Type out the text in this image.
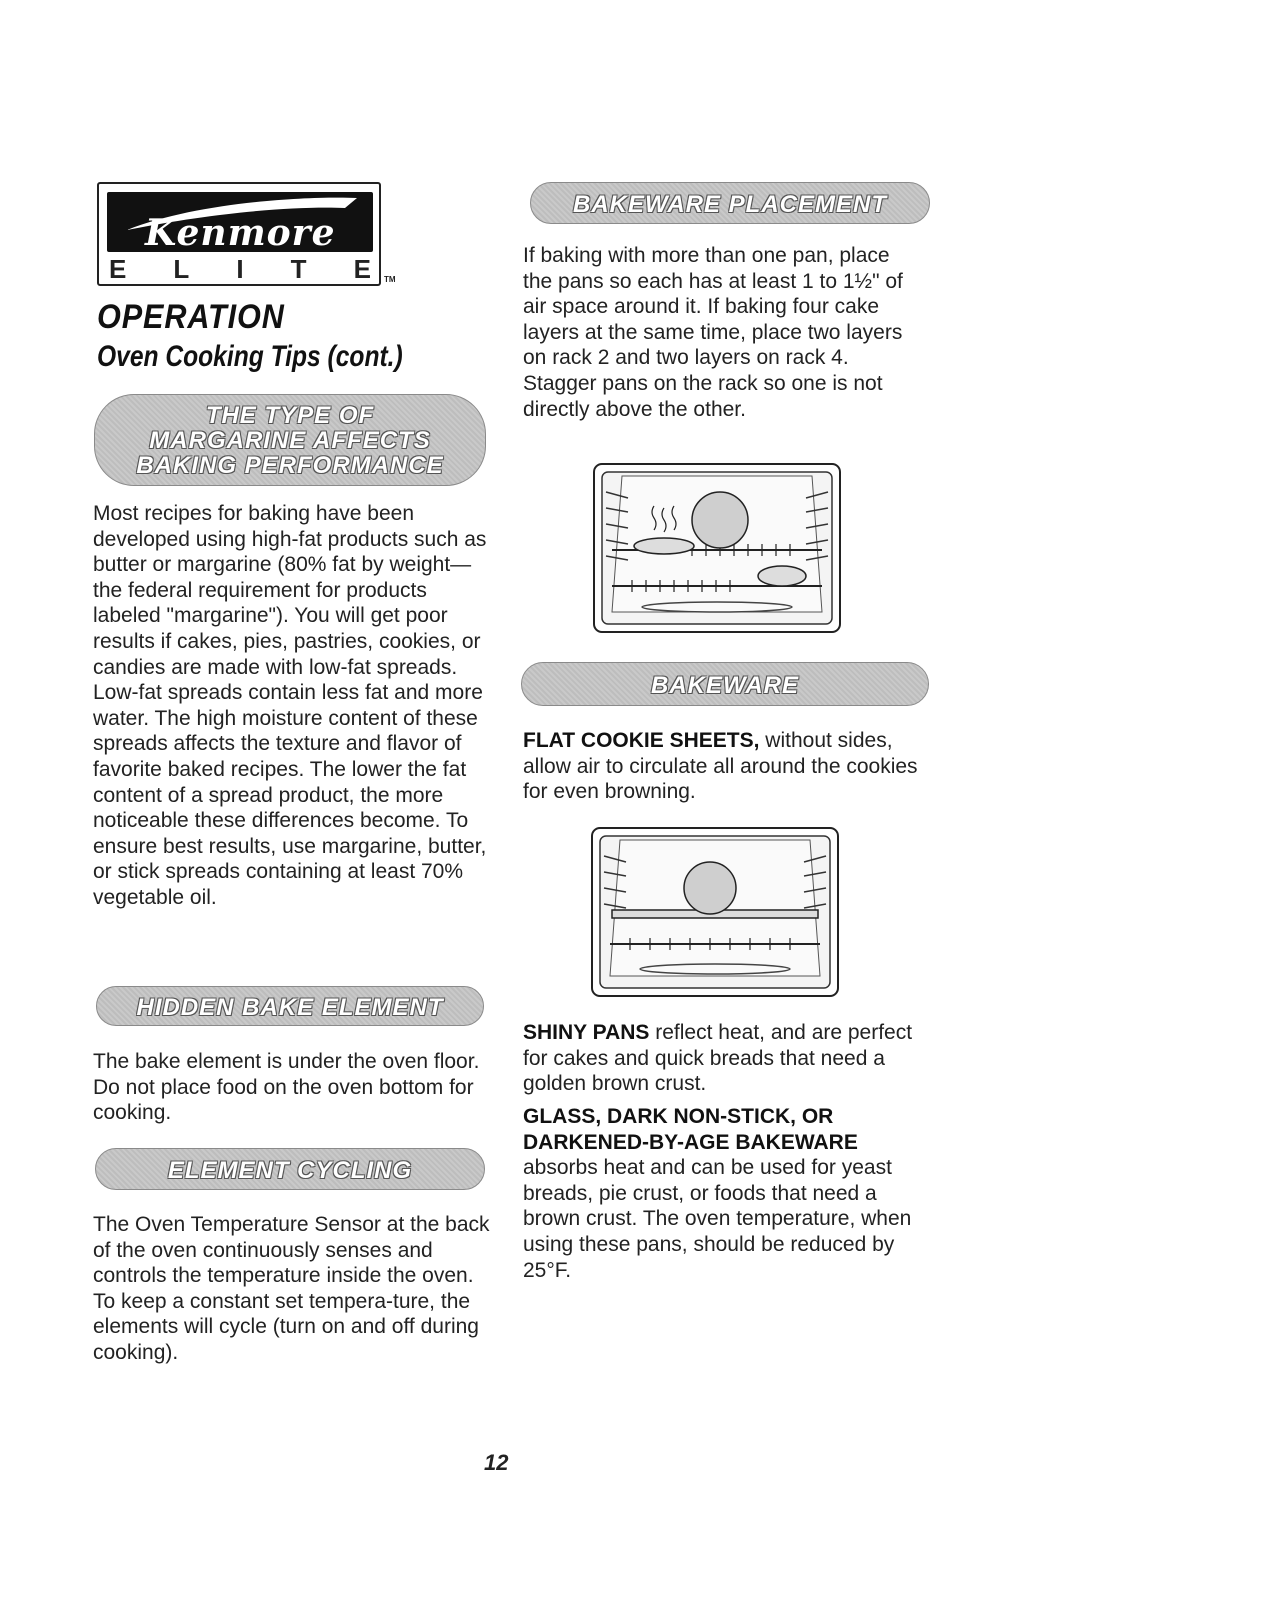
Kenmore
E L I T E TM
OPERATION
Oven Cooking Tips (cont.)
THE TYPE OF
MARGARINE AFFECTS
BAKING PERFORMANCE
Most recipes for baking have been developed using high-fat products such as butter or margarine (80% fat by weight—the federal requirement for products labeled "margarine"). You will get poor results if cakes, pies, pastries, cookies, or candies are made with low-fat spreads. Low-fat spreads contain less fat and more water. The high moisture content of these spreads affects the texture and flavor of favorite baked recipes. The lower the fat content of a spread product, the more noticeable these differences become. To ensure best results, use margarine, butter, or stick spreads containing at least 70% vegetable oil.
HIDDEN BAKE ELEMENT
The bake element is under the oven floor. Do not place food on the oven bottom for cooking.
ELEMENT CYCLING
The Oven Temperature Sensor at the back of the oven continuously senses and controls the temperature inside the oven. To keep a constant set tempera-ture, the elements will cycle (turn on and off during cooking).
BAKEWARE PLACEMENT
If baking with more than one pan, place the pans so each has at least 1 to 1½" of air space around it. If baking four cake layers at the same time, place two layers on rack 2 and two layers on rack 4. Stagger pans on the rack so one is not directly above the other.
BAKEWARE
FLAT COOKIE SHEETS, without sides, allow air to circulate all around the cookies for even browning.
SHINY PANS reflect heat, and are perfect for cakes and quick breads that need a golden brown crust.
GLASS, DARK NON-STICK, OR DARKENED-BY-AGE BAKEWARE
absorbs heat and can be used for yeast breads, pie crust, or foods that need a brown crust. The oven temperature, when using these pans, should be reduced by 25°F.
12
